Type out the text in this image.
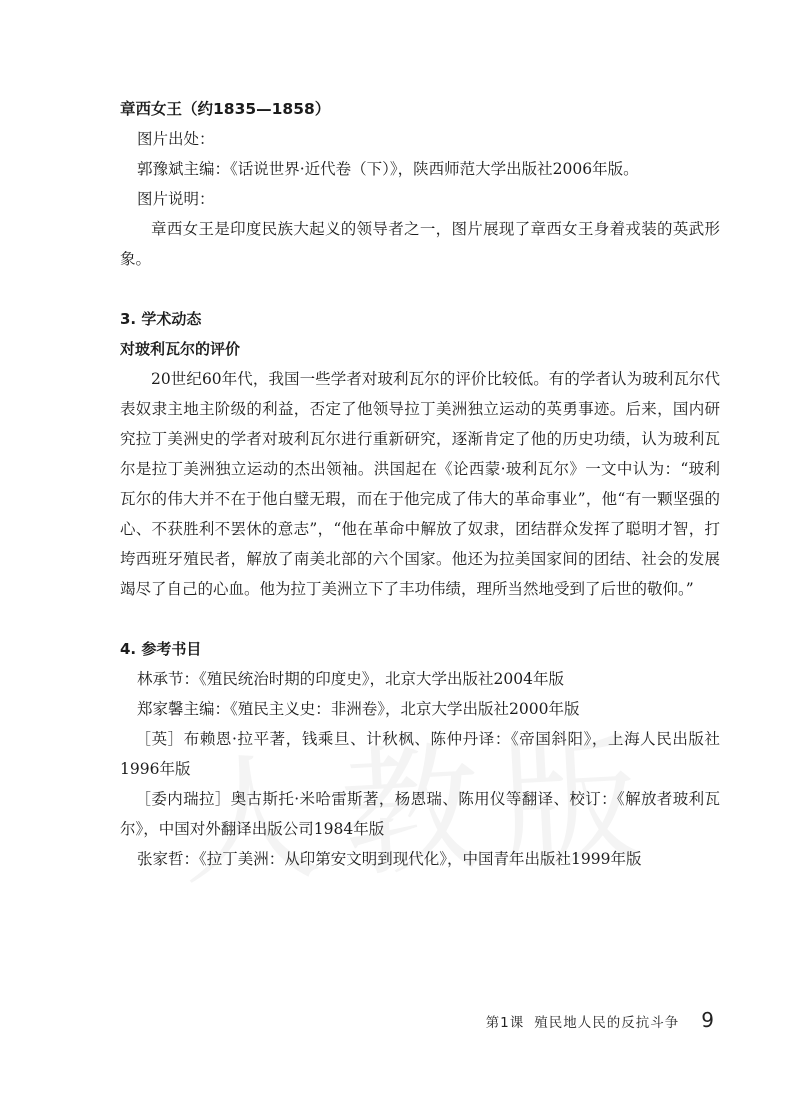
章西女王（约1835—1858）

图片出处：

郭豫斌主编：《话说世界·近代卷（下）》，陕西师范大学出版社2006年版。

图片说明：

章西女王是印度民族大起义的领导者之一，图片展现了章西女王身着戎装的英武形象。

3. 学术动态

对玻利瓦尔的评价

20世纪60年代，我国一些学者对玻利瓦尔的评价比较低。有的学者认为玻利瓦尔代表奴隶主地主阶级的利益，否定了他领导拉丁美洲独立运动的英勇事迹。后来，国内研究拉丁美洲史的学者对玻利瓦尔进行重新研究，逐渐肯定了他的历史功绩，认为玻利瓦尔是拉丁美洲独立运动的杰出领袖。洪国起在《论西蒙·玻利瓦尔》一文中认为：“玻利瓦尔的伟大并不在于他白璧无瑕，而在于他完成了伟大的革命事业”，他“有一颗坚强的心、不获胜利不罢休的意志”，“他在革命中解放了奴隶，团结群众发挥了聪明才智，打垮西班牙殖民者，解放了南美北部的六个国家。他还为拉美国家间的团结、社会的发展竭尽了自己的心血。他为拉丁美洲立下了丰功伟绩，理所当然地受到了后世的敬仰。”

4. 参考书目

林承节：《殖民统治时期的印度史》，北京大学出版社2004年版

郑家馨主编：《殖民主义史：非洲卷》，北京大学出版社2000年版

［英］布赖恩·拉平著，钱乘旦、计秋枫、陈仲丹译：《帝国斜阳》，上海人民出版社1996年版

［委内瑞拉］奥古斯托·米哈雷斯著，杨恩瑞、陈用仪等翻译、校订：《解放者玻利瓦尔》，中国对外翻译出版公司1984年版

张家哲：《拉丁美洲：从印第安文明到现代化》，中国青年出版社1999年版

第1课 殖民地人民的反抗斗争 9
